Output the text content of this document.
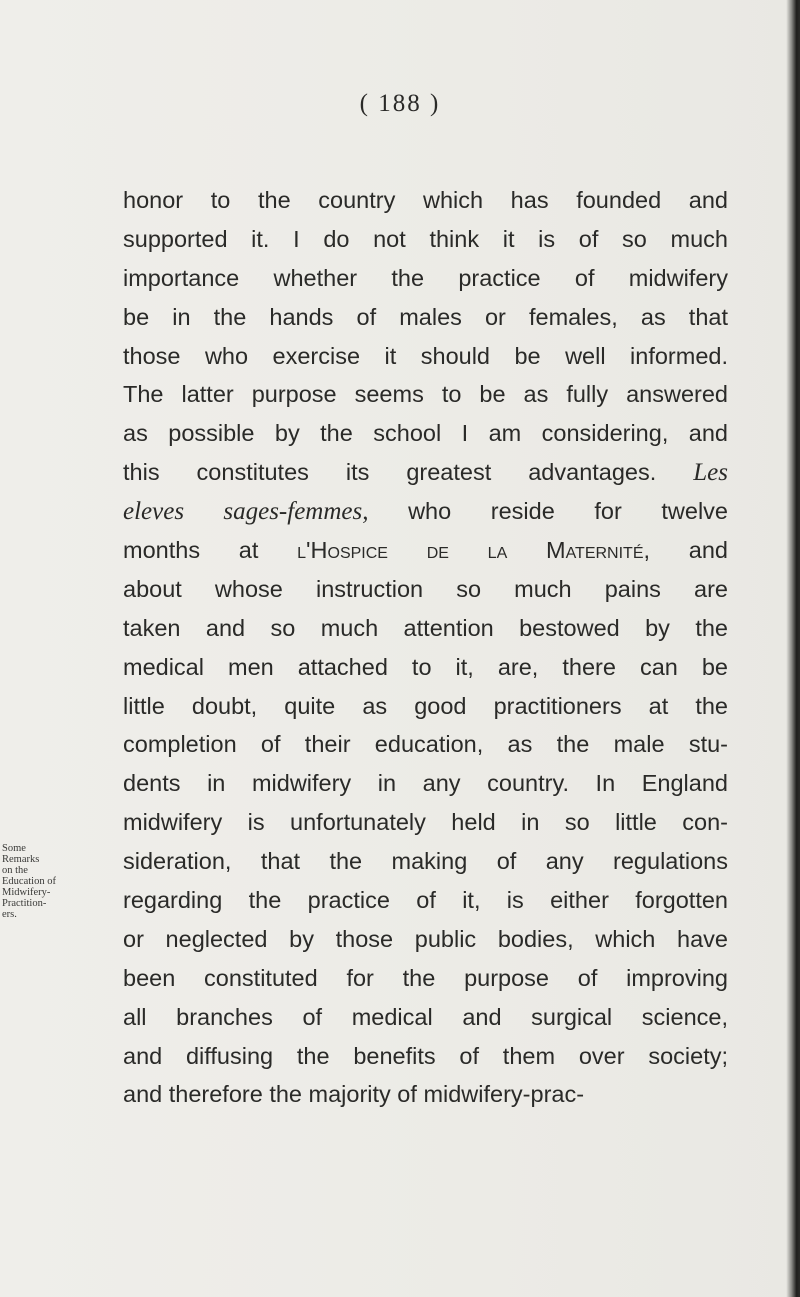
( 188 )
honor to the country which has founded and
supported it. I do not think it is of so much
importance whether the practice of midwifery
be in the hands of males or females, as that
those who exercise it should be well informed.
The latter purpose seems to be as fully answered
as possible by the school I am considering, and
this constitutes its greatest advantages. Les
eleves sages-femmes, who reside for twelve
months at l'Hospice de la Maternité, and
about whose instruction so much pains are
taken and so much attention bestowed by the
medical men attached to it, are, there can be
little doubt, quite as good practitioners at the
completion of their education, as the male stu-
dents in midwifery in any country. In England
midwifery is unfortunately held in so little con-
sideration, that the making of any regulations
regarding the practice of it, is either forgotten
or neglected by those public bodies, which have
been constituted for the purpose of improving
all branches of medical and surgical science,
and diffusing the benefits of them over society;
and therefore the majority of midwifery-prac-
Some
Remarks
on the
Education of
Midwifery-
Practition-
ers.
